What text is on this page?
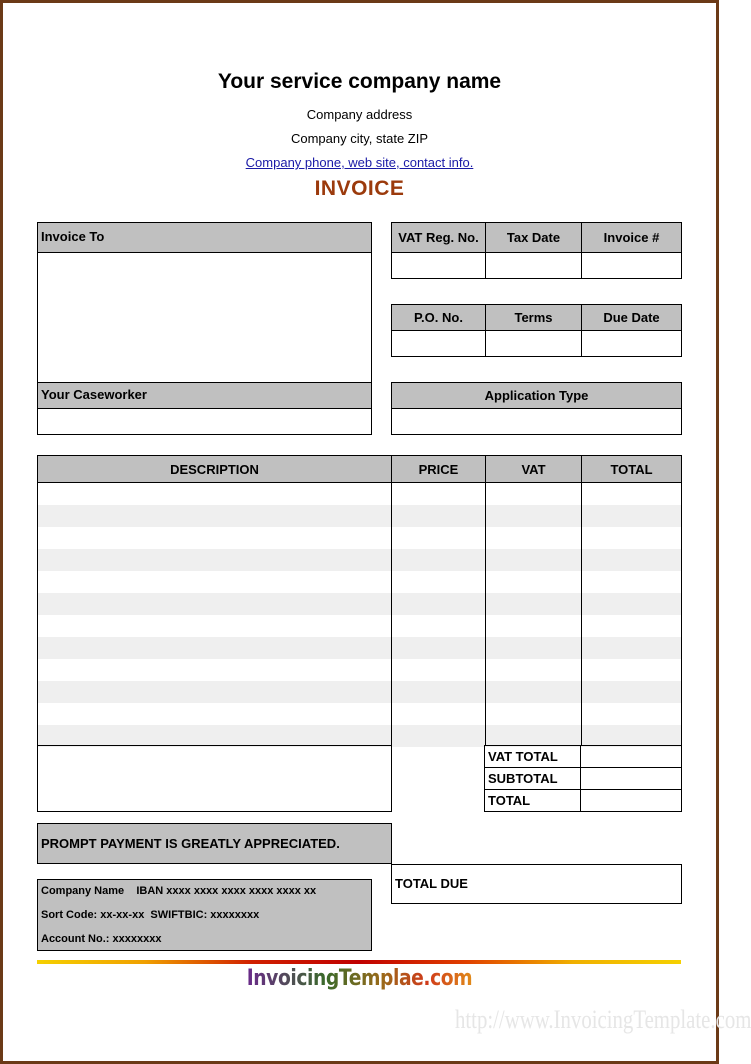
Your service company name
Company address
Company city, state ZIP
Company phone, web site, contact info.
INVOICE
Invoice To
Your Caseworker
VAT Reg. No.	Tax Date	Invoice #
P.O. No.	Terms	Due Date
Application Type
DESCRIPTION	PRICE	VAT	TOTAL
VAT TOTAL
SUBTOTAL
TOTAL
PROMPT PAYMENT IS GREATLY APPRECIATED.
TOTAL DUE
Company Name    IBAN xxxx xxxx xxxx xxxx xxxx xx
Sort Code: xx-xx-xx  SWIFTBIC: xxxxxxxx
Account No.: xxxxxxxx
InvoicingTemplae.com
http://www.InvoicingTemplate.com
